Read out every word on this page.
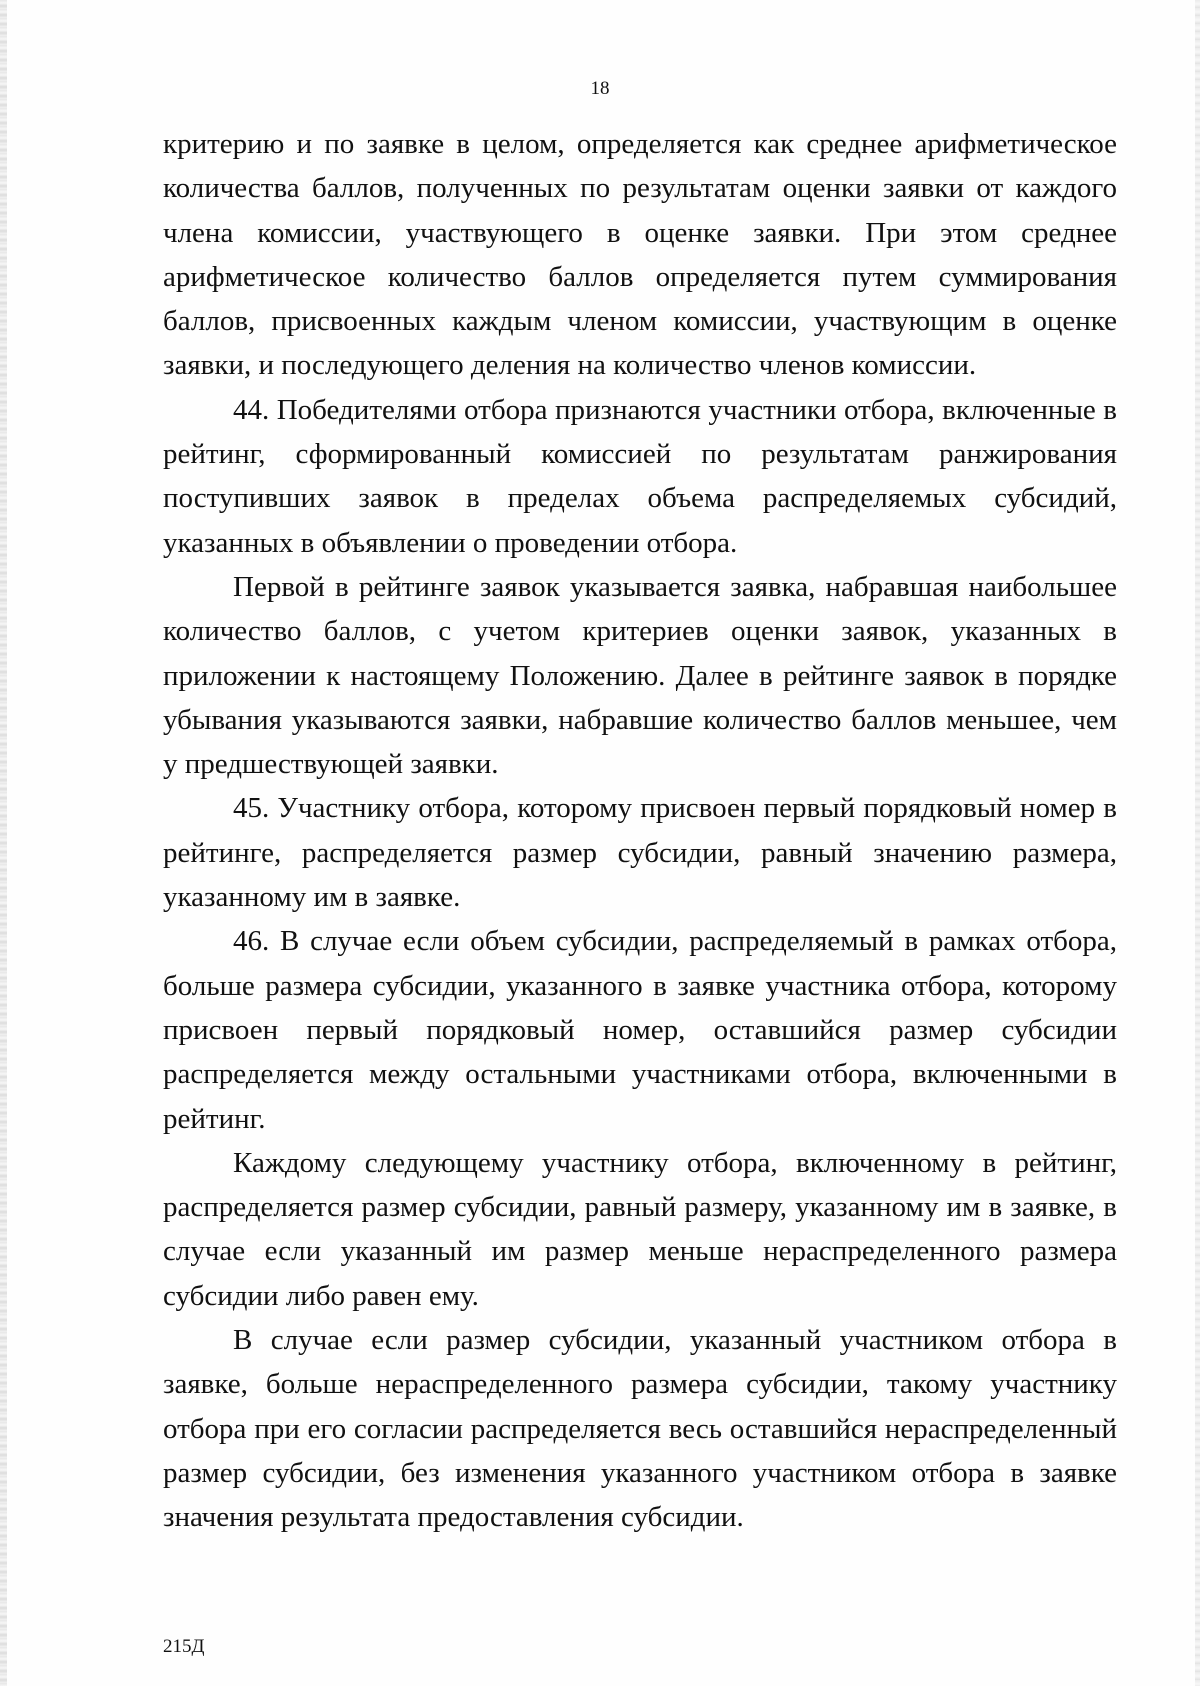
18

критерию и по заявке в целом, определяется как среднее арифметическое количества баллов, полученных по результатам оценки заявки от каждого члена комиссии, участвующего в оценке заявки. При этом среднее арифметическое количество баллов определяется путем суммирования баллов, присвоенных каждым членом комиссии, участвующим в оценке заявки, и последующего деления на количество членов комиссии.

44. Победителями отбора признаются участники отбора, включенные в рейтинг, сформированный комиссией по результатам ранжирования поступивших заявок в пределах объема распределяемых субсидий, указанных в объявлении о проведении отбора.

Первой в рейтинге заявок указывается заявка, набравшая наибольшее количество баллов, с учетом критериев оценки заявок, указанных в приложении к настоящему Положению. Далее в рейтинге заявок в порядке убывания указываются заявки, набравшие количество баллов меньшее, чем у предшествующей заявки.

45. Участнику отбора, которому присвоен первый порядковый номер в рейтинге, распределяется размер субсидии, равный значению размера, указанному им в заявке.

46. В случае если объем субсидии, распределяемый в рамках отбора, больше размера субсидии, указанного в заявке участника отбора, которому присвоен первый порядковый номер, оставшийся размер субсидии распределяется между остальными участниками отбора, включенными в рейтинг.

Каждому следующему участнику отбора, включенному в рейтинг, распределяется размер субсидии, равный размеру, указанному им в заявке, в случае если указанный им размер меньше нераспределенного размера субсидии либо равен ему.

В случае если размер субсидии, указанный участником отбора в заявке, больше нераспределенного размера субсидии, такому участнику отбора при его согласии распределяется весь оставшийся нераспределенный размер субсидии, без изменения указанного участником отбора в заявке значения результата предоставления субсидии.

215Д
